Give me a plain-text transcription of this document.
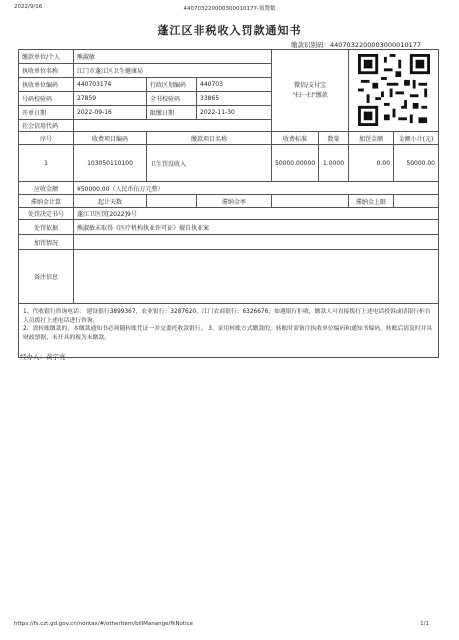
2022/9/16	440703220000300010177-預覽數
蓬江区非税收入罚款通知书
缴款识别码：4407032200003000010177
缴款单位/个人	熊淑敏			微信/支付宝
"扫一扫"缴款	
执收单位名称	江门市蓬江区卫生健康局						
执收单位编码	440703174	行政区划编码	440703				
号码校验码	27859	全书校验码	33865				
开单日期	2022-09-16	限缴日期	2022-11-30				
社会信用代码							
序号	收费项目编码	缴款项目名称		收费标准	数量	加罚金额	金额小计(元)
1	103050110100	卫生罚没收入		50000.00000	1.0000	0.00	50000.00
应收金额	¥50000.00（人民币伍万元整）						
滞纳金计算	起计天数		滞纳金率			滞纳金上限	
处罚决定书号	蓬江卫医罚[2022]9号						
处罚依据	熊淑敏未取得《医疗机构执业许可证》擅自执业案						
加罚情况							
备注信息							
1、代收银行咨询电话： 建设银行3899367，农业银行：3287620，江门农商银行：6326676，如遇银行拒收，缴款人可直接拨打上述电话投诉或请银行柜台人员拨打上述电话进行咨询。
2、需转账缴款的，本缴款通知书必须随转账凭证一并交委托收款银行。 3、采用转账方式缴款的，转账时需备注执收单位编码和通知书编码，转账后请及时并具财政票据，未开具的视为未缴款。							
经办人：黄宇亮
https://fs.czt.gd.gov.cn/nontax/#/otherItem/billManange/fkNotice	1/1
